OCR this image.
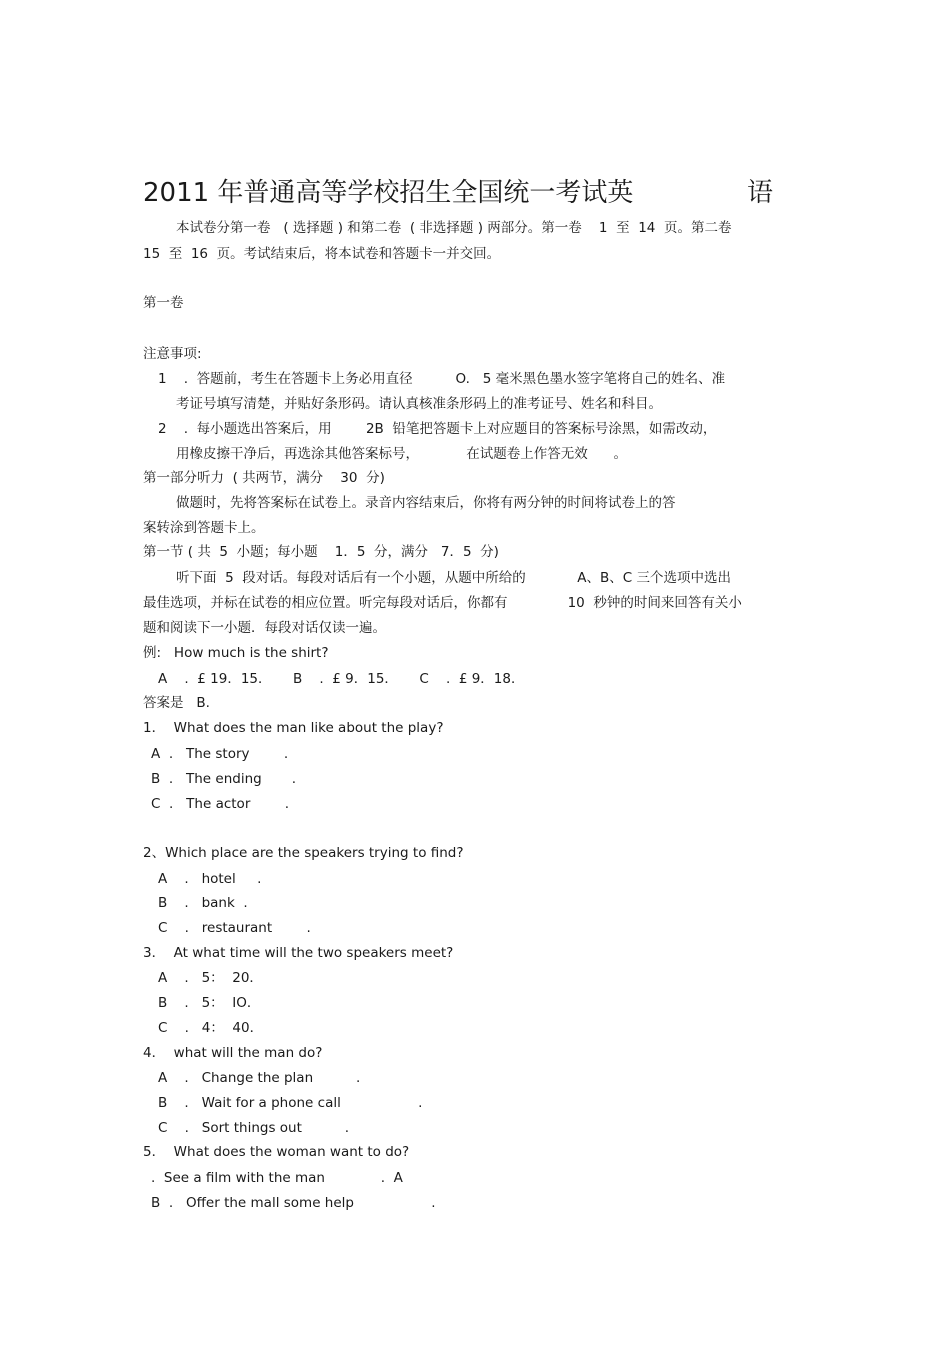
2011 年普通高等学校招生全国统一考试英	语
本试卷分第一卷   ( 选择题 ) 和第二卷  ( 非选择题 ) 两部分。第一卷    1  至  14  页。第二卷
15  至  16  页。考试结束后，将本试卷和答题卡一并交回。
第一卷
注意事项:
1    .  答题前，考生在答题卡上务必用直径          O.   5 毫米黑色墨水签字笔将自己的姓名、准
考证号填写清楚，并贴好条形码。请认真核准条形码上的准考证号、姓名和科目。
2    .  每小题选出答案后，用        2B  铅笔把答题卡上对应题目的答案标号涂黑，如需改动，
用橡皮擦干净后，再选涂其他答案标号，           在试题卷上作答无效      。
第一部分听力  ( 共两节，满分    30  分)
做题时，先将答案标在试卷上。录音内容结束后，你将有两分钟的时间将试卷上的答
案转涂到答题卡上。
第一节 ( 共  5  小题；每小题    1．5  分，满分   7．5  分)
听下面  5  段对话。每段对话后有一个小题，从题中所给的            A、B、C 三个选项中选出
最佳选项，并标在试卷的相应位置。听完每段对话后，你都有              10  秒钟的时间来回答有关小
题和阅读下一小题．每段对话仅读一遍。
例:   How much is the shirt?
A    .  £ 19．15．     B    .  £ 9．15．     C    .  £ 9．18．
答案是   B.
1．  What does the man like about the play?
A  .   The story        .
B  .   The ending       .
C  .   The actor        .
2、Which place are the speakers trying to find?
A    .   hotel     .
B    .   bank  .
C    .   restaurant        .
3．  At what time will the two speakers meet?
A    .   5：  20．
B    .   5：  IO．
C    .   4：  40．
4．  what will the man do?
A    .   Change the plan          .
B    .   Wait for a phone call                  .
C    .   Sort things out          .
5．  What does the woman want to do?
.  See a film with the man             .  A
B  .   Offer the mall some help                  .
